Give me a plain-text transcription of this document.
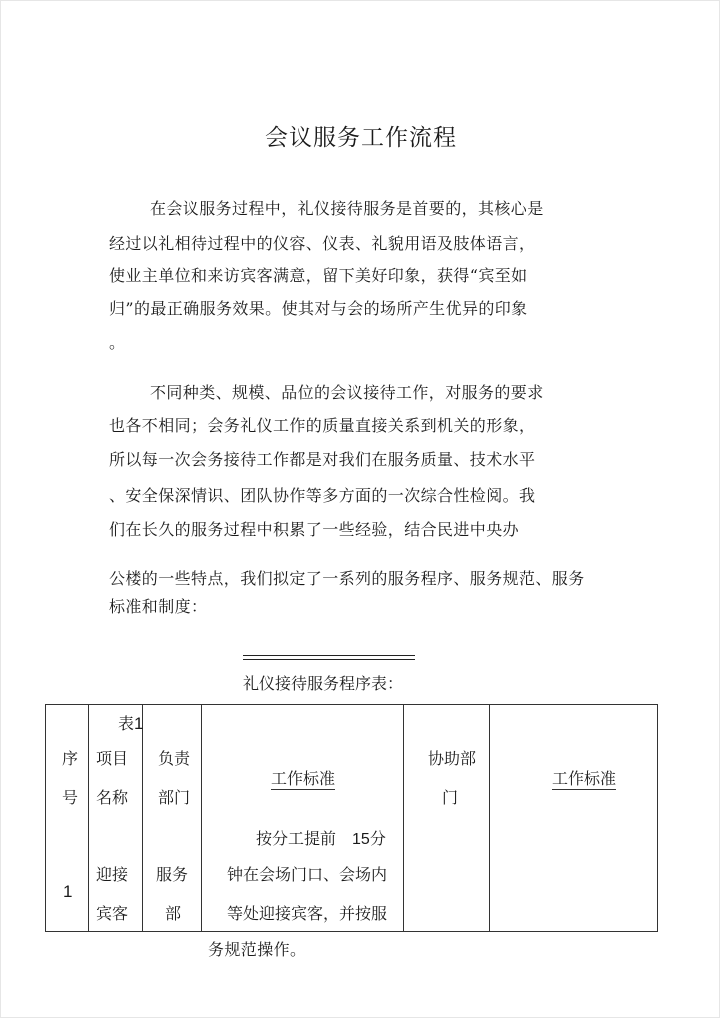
会议服务工作流程
在会议服务过程中，礼仪接待服务是首要的，其核心是
经过以礼相待过程中的仪容、仪表、礼貌用语及肢体语言，
使业主单位和来访宾客满意，留下美好印象，获得“宾至如
归”的最正确服务效果。使其对与会的场所产生优异的印象
。
不同种类、规模、品位的会议接待工作，对服务的要求
也各不相同；会务礼仪工作的质量直接关系到机关的形象，
所以每一次会务接待工作都是对我们在服务质量、技术水平
、安全保深情识、团队协作等多方面的一次综合性检阅。我
们在长久的服务过程中积累了一些经验，结合民进中央办
公楼的一些特点，我们拟定了一系列的服务程序、服务规范、服务
标准和制度：
礼仪接待服务程序表：
表1
序
号
项目
名称
负责
部门
工作标准
协助部
门
工作标准
1
迎接
宾客
服务
部
按分工提前 15分
钟在会场门口、会场内
等处迎接宾客，并按服
务规范操作。
